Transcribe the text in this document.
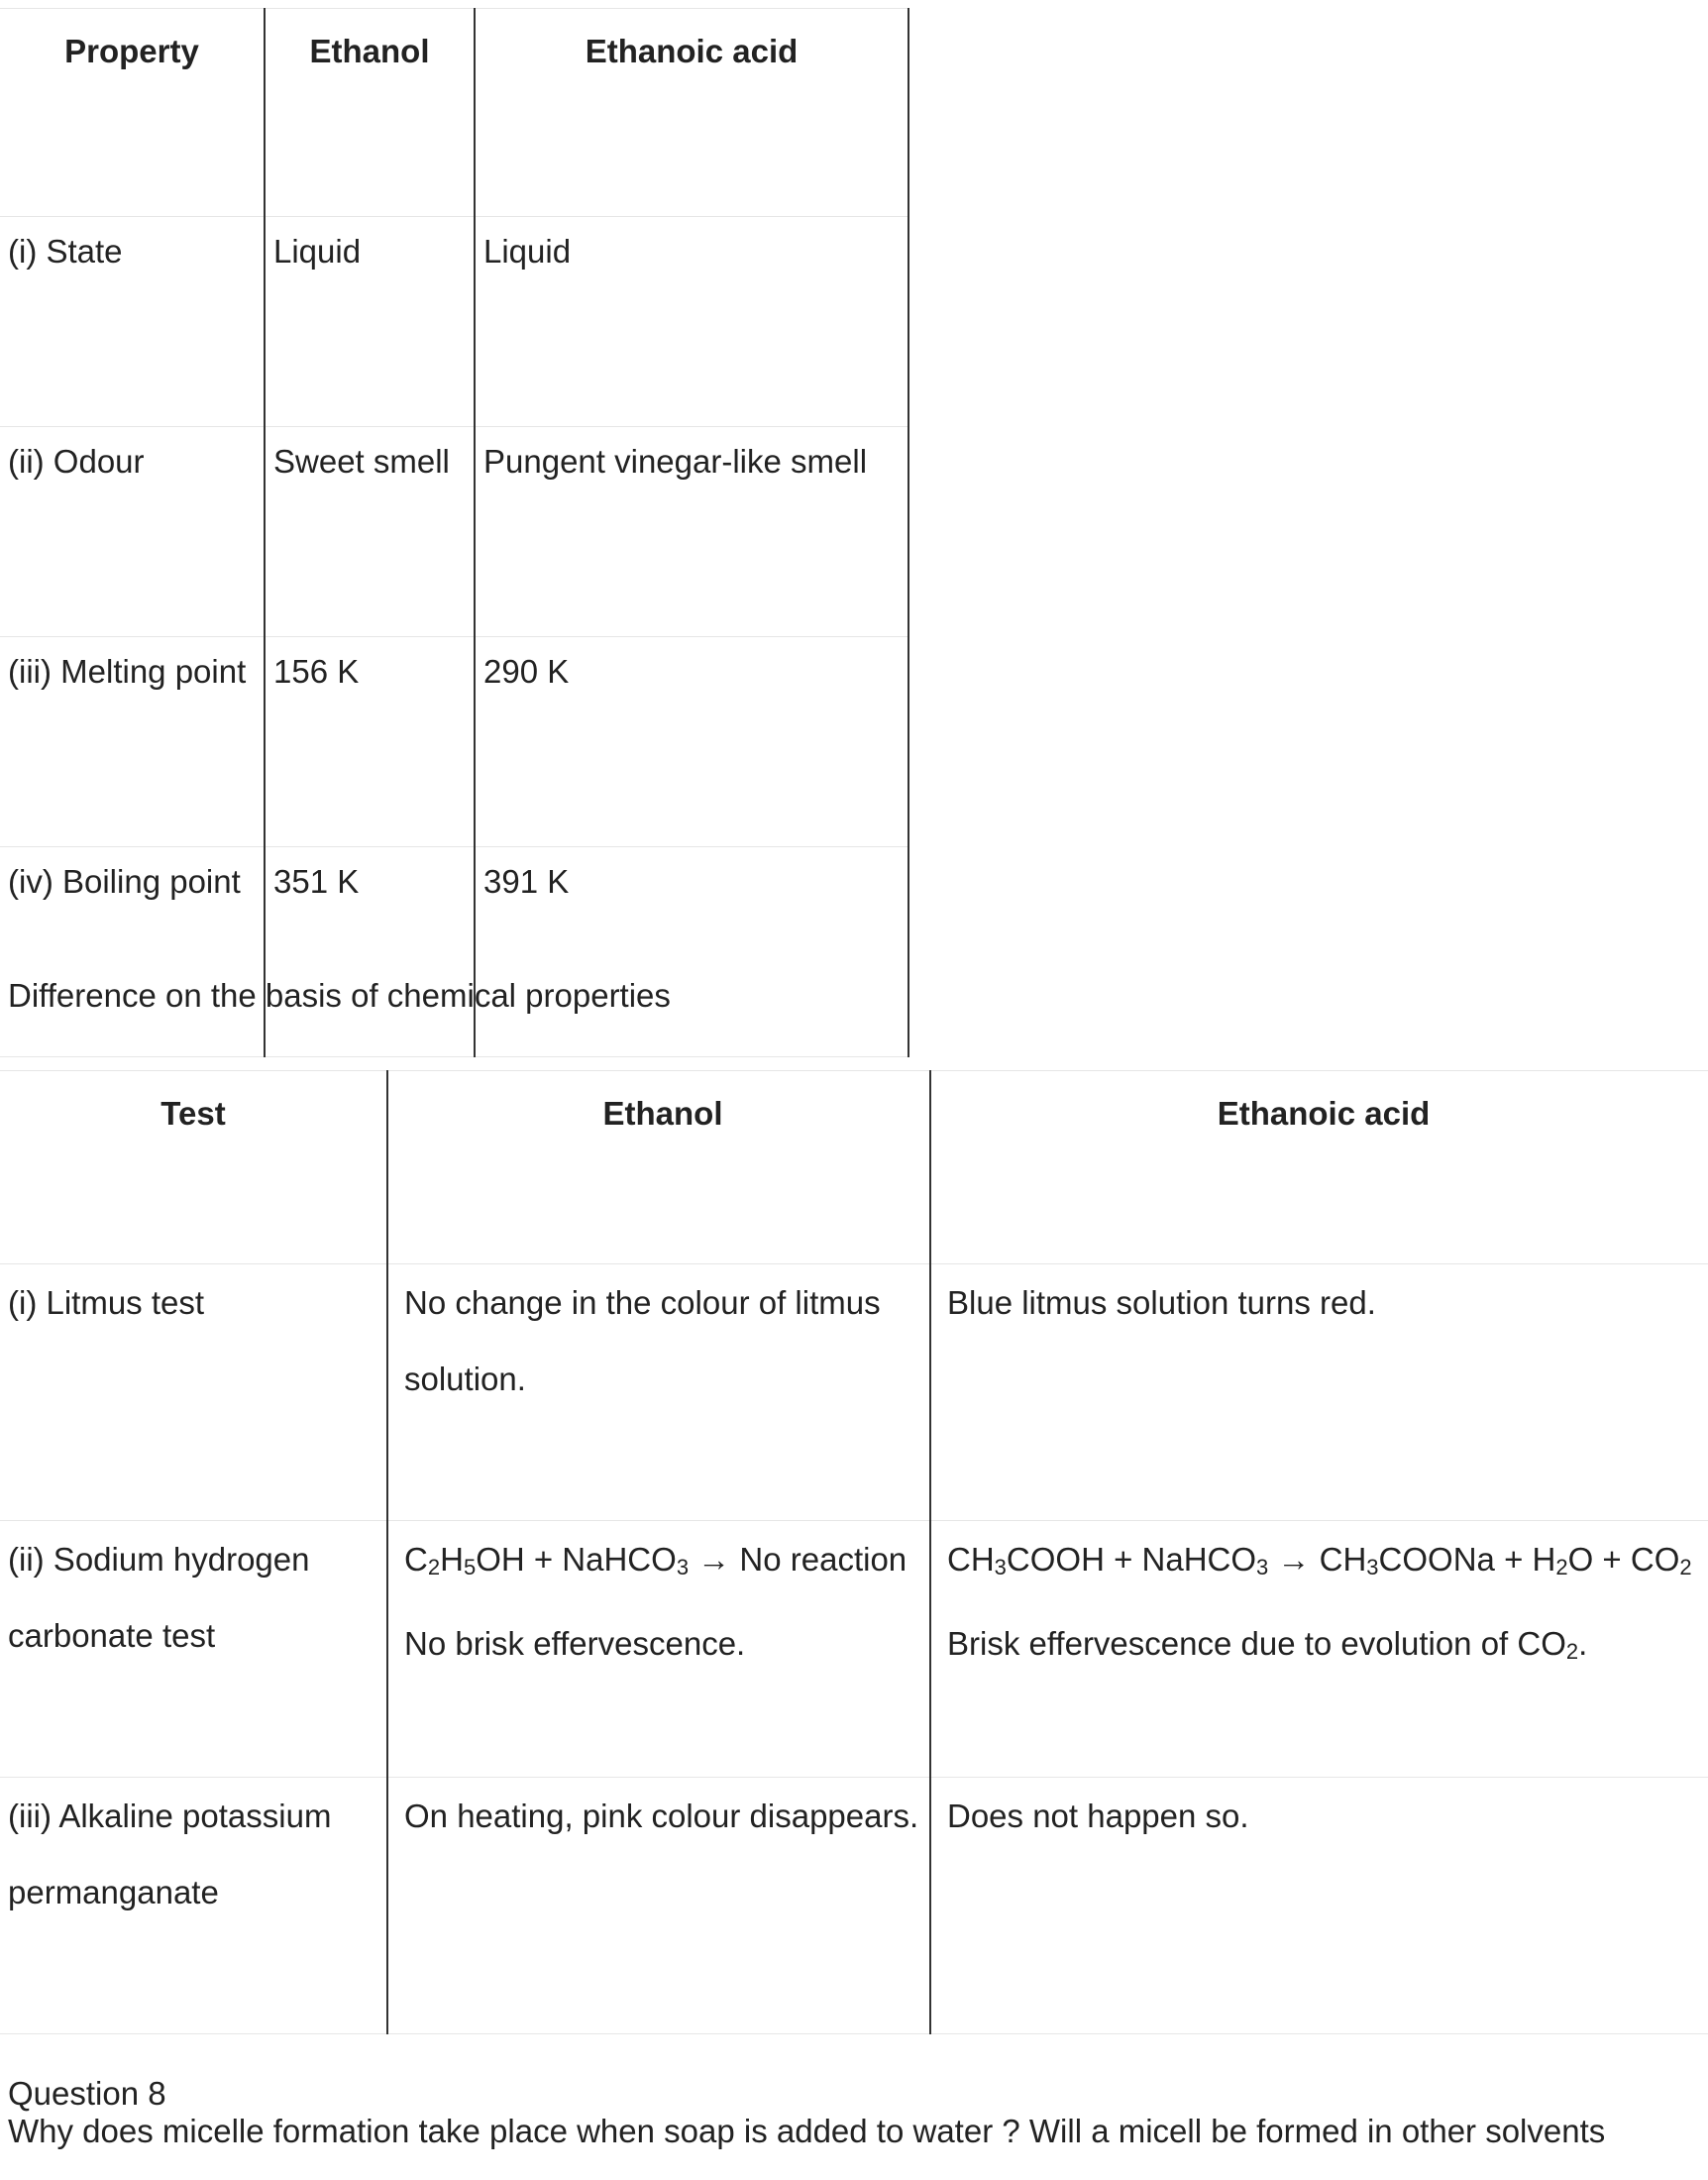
Property	Ethanol	Ethanoic acid
(i) State	Liquid	Liquid
(ii) Odour	Sweet smell	Pungent vinegar-like smell
(iii) Melting point	156 K	290 K
(iv) Boiling point	351 K	391 K
Difference on the basis of chemical properties
Test	Ethanol	Ethanoic acid
(i) Litmus test	No change in the colour of litmus solution.	Blue litmus solution turns red.
(ii) Sodium hydrogen carbonate test	$C_2H_5OH$ + NaHCO$_3$ → No reaction No brisk effervescence.	$CH_3COOH$ + NaHCO$_3$ → $CH_3COONa + H_2O + CO_2$ Brisk effervescence due to evolution of $CO_2$.
(iii) Alkaline potassium permanganate	On heating, pink colour disappears.	Does not happen so.
Question 8
Why does micelle formation take place when soap is added to water ? Will a micell be formed in other solvents
